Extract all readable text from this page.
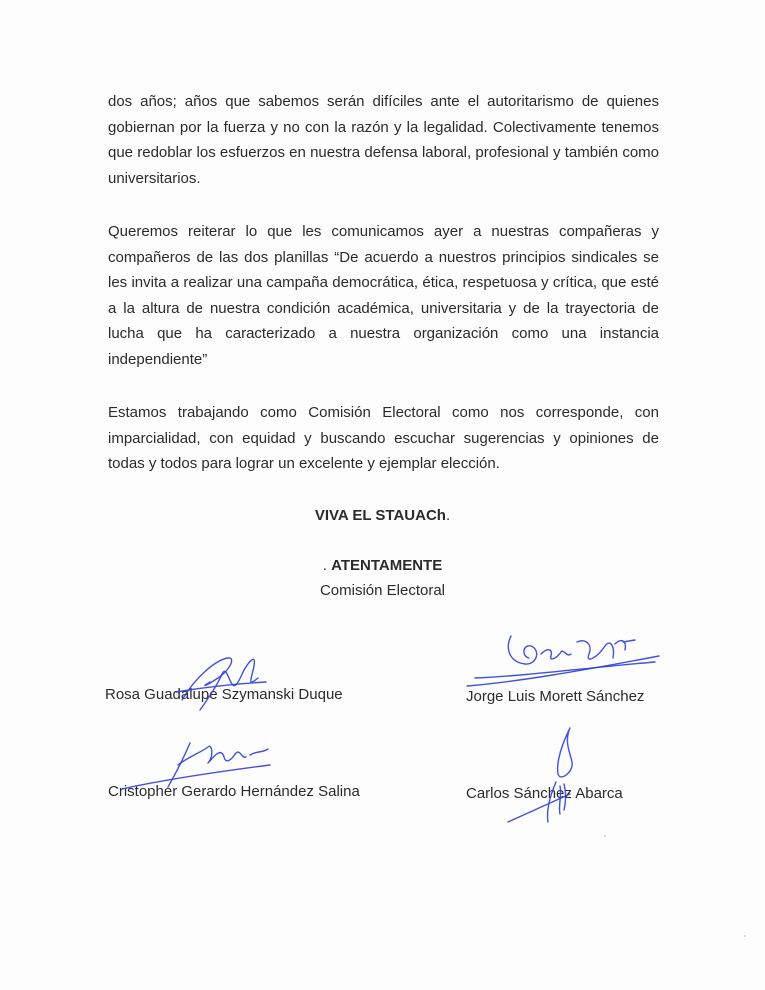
dos años; años que sabemos serán difíciles ante el autoritarismo de quienes gobiernan por la fuerza y no con la razón y la legalidad. Colectivamente tenemos que redoblar los esfuerzos en nuestra defensa laboral, profesional y también como universitarios.

Queremos reiterar lo que les comunicamos ayer a nuestras compañeras y compañeros de las dos planillas “De acuerdo a nuestros principios sindicales se les invita a realizar una campaña democrática, ética, respetuosa y crítica, que esté a la altura de nuestra condición académica, universitaria y de la trayectoria de lucha que ha caracterizado a nuestra organización como una instancia independiente”

Estamos trabajando como Comisión Electoral como nos corresponde, con imparcialidad, con equidad y buscando escuchar sugerencias y opiniones de todas y todos para lograr un excelente y ejemplar elección.

VIVA EL STAUACh.

. ATENTAMENTE

Comisión Electoral

Rosa Guadalupe Szymanski Duque	Jorge Luis Morett Sánchez

Cristopher Gerardo Hernández Salina	Carlos Sánchez Abarca
